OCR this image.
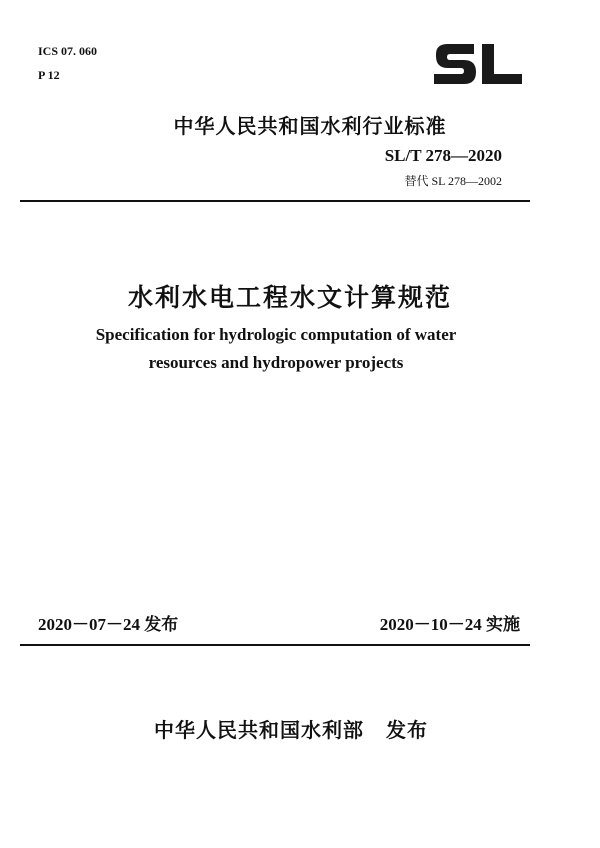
ICS 07. 060
P 12
中华人民共和国水利行业标准
SL/T 278—2020
替代 SL 278—2002
水利水电工程水文计算规范
Specification for hydrologic computation of water
resources and hydropower projects
2020－07－24 发布	2020－10－24 实施
中华人民共和国水利部 发布
